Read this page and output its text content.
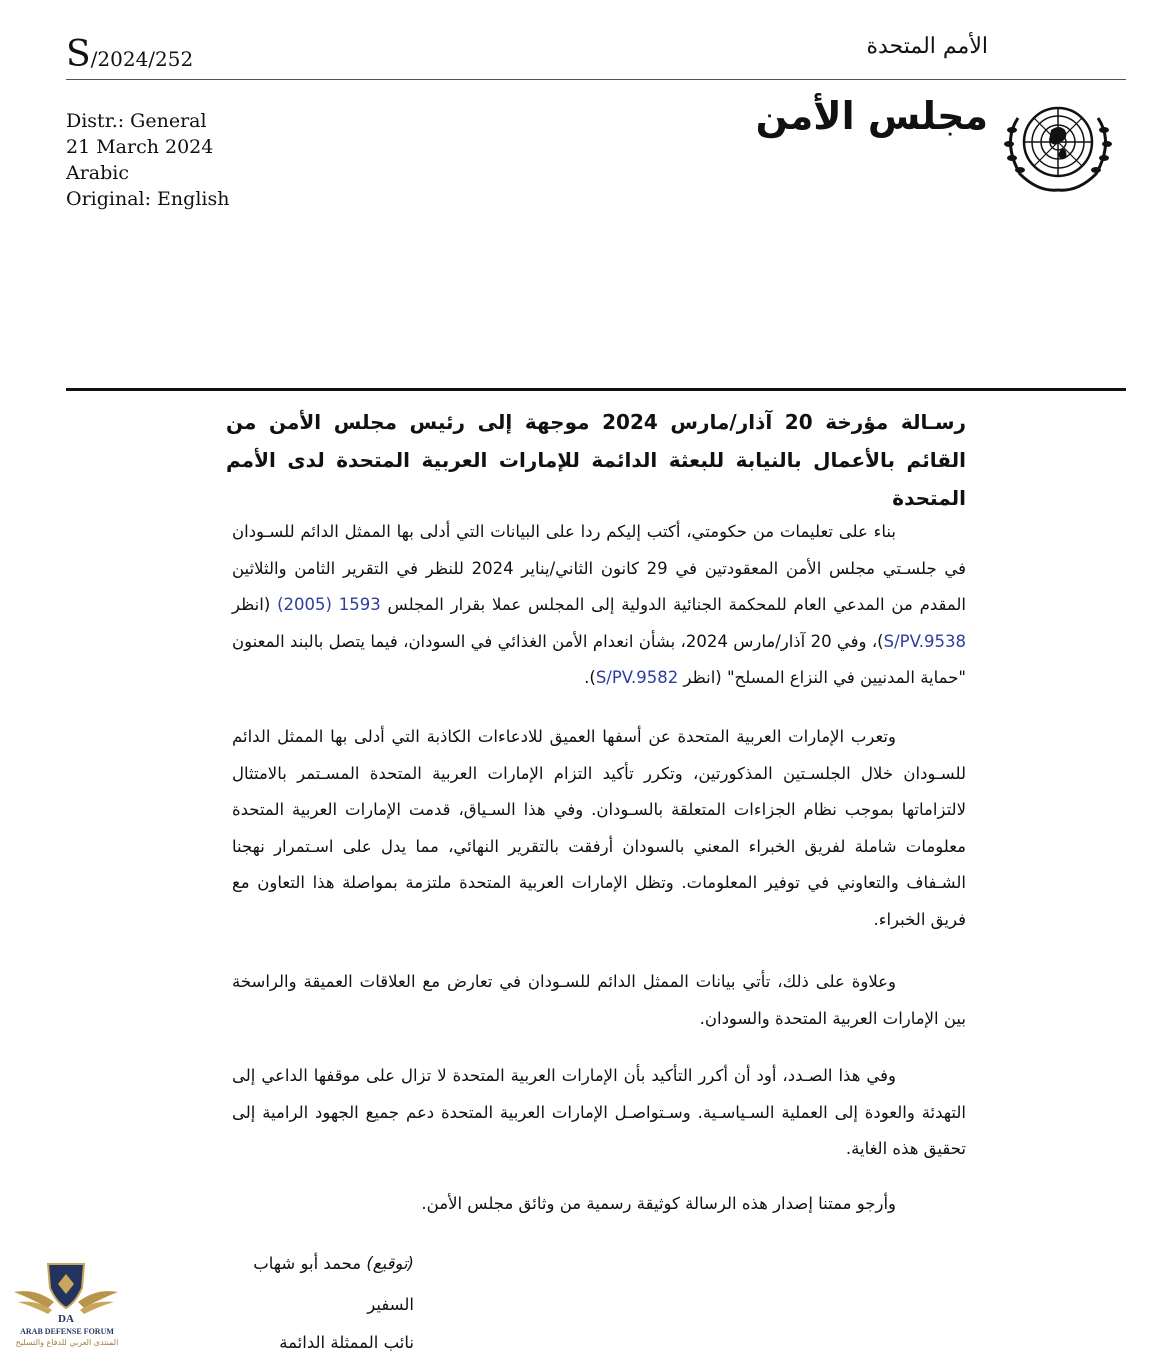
S/2024/252	الأمم المتحدة
Distr.: General
21 March 2024
Arabic
Original: English
مجلس الأمن
رسـالة مؤرخة 20 آذار/مارس 2024 موجهة إلى رئيس مجلس الأمن من القائم بالأعمال بالنيابة للبعثة الدائمة للإمارات العربية المتحدة لدى الأمم المتحدة
بناء على تعليمات من حكومتي، أكتب إليكم ردا على البيانات التي أدلى بها الممثل الدائم للسـودان في جلسـتي مجلس الأمن المعقودتين في 29 كانون الثاني/يناير 2024 للنظر في التقرير الثامن والثلاثين المقدم من المدعي العام للمحكمة الجنائية الدولية إلى المجلس عملا بقرار المجلس 1593 (2005) (انظر S/PV.9538)، وفي 20 آذار/مارس 2024، بشأن انعدام الأمن الغذائي في السودان، فيما يتصل بالبند المعنون "حماية المدنيين في النزاع المسلح" (انظر S/PV.9582).
وتعرب الإمارات العربية المتحدة عن أسفها العميق للادعاءات الكاذبة التي أدلى بها الممثل الدائم للسـودان خلال الجلسـتين المذكورتين، وتكرر تأكيد التزام الإمارات العربية المتحدة المسـتمر بالامتثال لالتزاماتها بموجب نظام الجزاءات المتعلقة بالسـودان. وفي هذا السـياق، قدمت الإمارات العربية المتحدة معلومات شاملة لفريق الخبراء المعني بالسودان أرفقت بالتقرير النهائي، مما يدل على اسـتمرار نهجنا الشـفاف والتعاوني في توفير المعلومات. وتظل الإمارات العربية المتحدة ملتزمة بمواصلة هذا التعاون مع فريق الخبراء.
وعلاوة على ذلك، تأتي بيانات الممثل الدائم للسـودان في تعارض مع العلاقات العميقة والراسخة بين الإمارات العربية المتحدة والسودان.
وفي هذا الصـدد، أود أن أكرر التأكيد بأن الإمارات العربية المتحدة لا تزال على موقفها الداعي إلى التهدئة والعودة إلى العملية السـياسـية. وسـتواصـل الإمارات العربية المتحدة دعم جميع الجهود الرامية إلى تحقيق هذه الغاية.
وأرجو ممتنا إصدار هذه الرسالة كوثيقة رسمية من وثائق مجلس الأمن.
(توقيع) محمد أبو شهاب
السفير
نائب الممثلة الدائمة
DA
ARAB DEFENSE FORUM
المنتدى العربي للدفاع والتسليح
